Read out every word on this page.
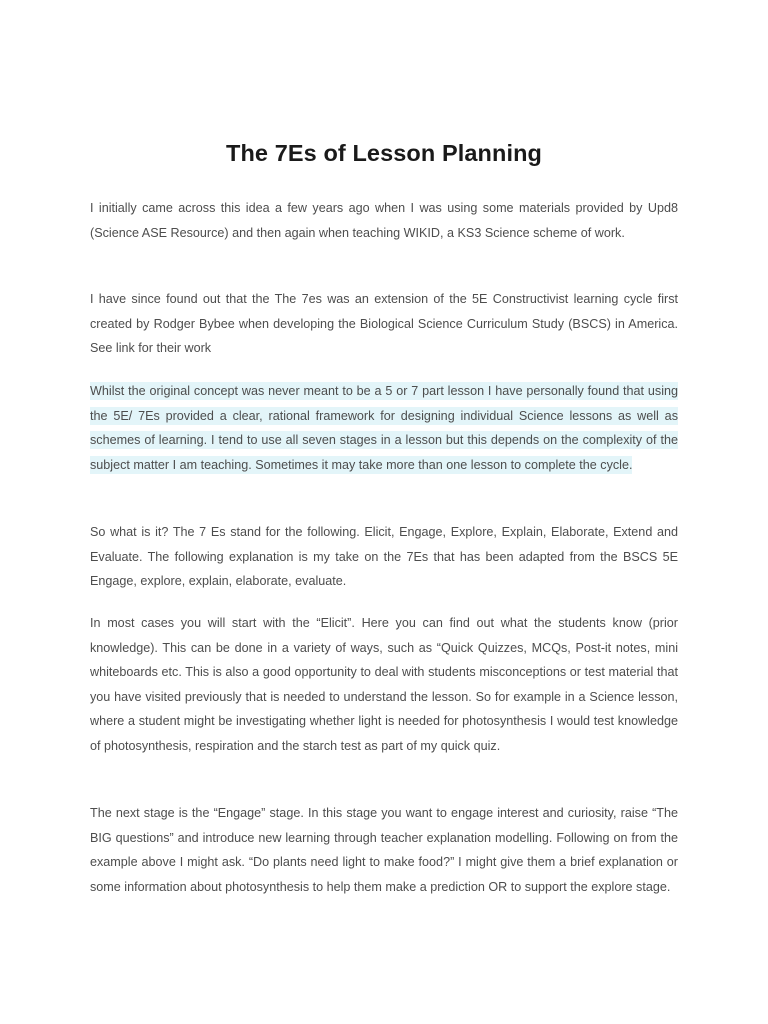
The 7Es of Lesson Planning

I initially came across this idea a few years ago when I was using some materials provided by Upd8 (Science ASE Resource) and then again when teaching WIKID, a KS3 Science scheme of work.

I have since found out that the The 7es was an extension of the 5E Constructivist learning cycle first created by Rodger Bybee when developing the Biological Science Curriculum Study (BSCS) in America. See link for their work

Whilst the original concept was never meant to be a 5 or 7 part lesson I have personally found that using the 5E/ 7Es provided a clear, rational framework for designing individual Science lessons as well as schemes of learning. I tend to use all seven stages in a lesson but this depends on the complexity of the subject matter I am teaching. Sometimes it may take more than one lesson to complete the cycle.

So what is it? The 7 Es stand for the following. Elicit, Engage, Explore, Explain, Elaborate, Extend and Evaluate. The following explanation is my take on the 7Es that has been adapted from the BSCS 5E Engage, explore, explain, elaborate, evaluate.

In most cases you will start with the “Elicit”. Here you can find out what the students know (prior knowledge). This can be done in a variety of ways, such as “Quick Quizzes, MCQs, Post-it notes, mini whiteboards etc. This is also a good opportunity to deal with students misconceptions or test material that you have visited previously that is needed to understand the lesson. So for example in a Science lesson, where a student might be investigating whether light is needed for photosynthesis I would test knowledge of photosynthesis, respiration and the starch test as part of my quick quiz.

The next stage is the “Engage” stage. In this stage you want to engage interest and curiosity, raise “The BIG questions” and introduce new learning through teacher explanation modelling. Following on from the example above I might ask. “Do plants need light to make food?” I might give them a brief explanation or some information about photosynthesis to help them make a prediction OR to support the explore stage.
